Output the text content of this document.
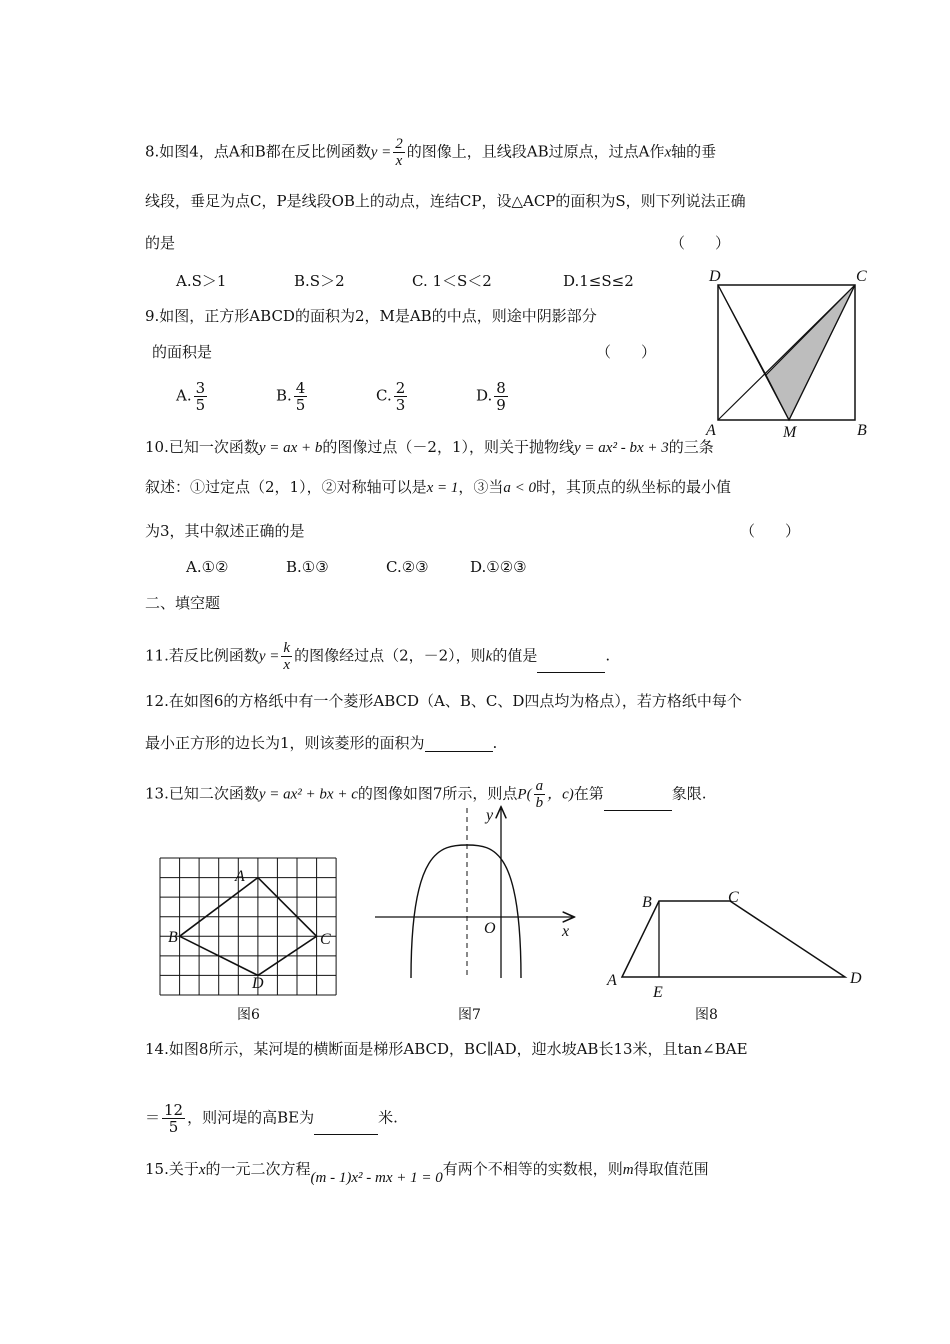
8.如图4，点A和B都在反比例函数$y = \frac{2}{x}$ 的图像上，且线段AB过原点，过点A作x轴的垂
线段，垂足为点C，P是线段OB上的动点，连结CP，设△ACP的面积为S，则下列说法正确
的是	（　　）
A.S＞1	B.S＞2	C. 1＜S＜2	D.1≤S≤2
9.如图，正方形ABCD的面积为2，M是AB的中点，则途中阴影部分
的面积是	（　　）
A. $\frac{3}{5}$	B. $\frac{4}{5}$	C. $\frac{2}{3}$	D. $\frac{8}{9}$
D	C
A	M	B
10.已知一次函数y = ax + b的图像过点（－2，1），则关于抛物线y = ax² - bx + 3的三条
叙述：①过定点（2，1），②对称轴可以是x = 1，③当a < 0时，其顶点的纵坐标的最小值
为3，其中叙述正确的是	（　　）
A.①②	B.①③	C.②③	D.①②③
二、填空题
11.若反比例函数$y = \frac{k}{x}$ 的图像经过点（2，－2），则k的值是	.
12.在如图6的方格纸中有一个菱形ABCD（A、B、C、D四点均为格点），若方格纸中每个
最小正方形的边长为1，则该菱形的面积为	.
13.已知二次函数y = ax² + bx + c的图像如图7所示，则点$P( \frac{a}{b}$ ，c)在第	象限.
A
B	C
D
图6
y
x
O
图7
B	C
A
E
D
图8
14.如图8所示，某河堤的横断面是梯形ABCD，BC∥AD，迎水坡AB长13米，且tan∠BAE
＝ $\frac{12}{5}$ ，则河堤的高BE为	米.
15.关于x的一元二次方程(m - 1)x² - mx + 1 = 0有两个不相等的实数根，则m得取值范围
